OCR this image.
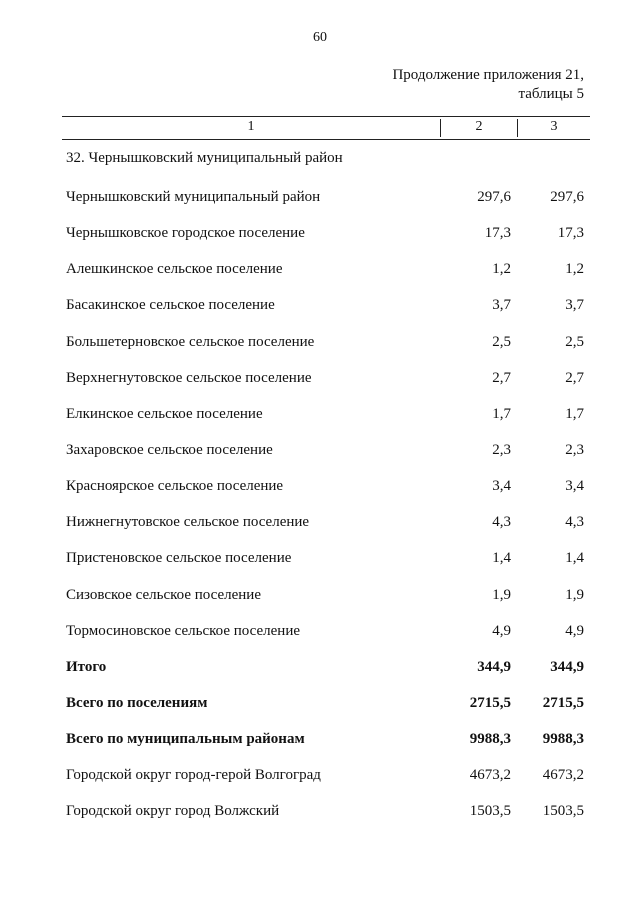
60
Продолжение приложения 21,
таблицы 5
1	2	3
32. Чернышковский муниципальный район
Чернышковский муниципальный район	297,6	297,6
Чернышковское городское поселение	17,3	17,3
Алешкинское сельское поселение	1,2	1,2
Басакинское сельское поселение	3,7	3,7
Большетерновское сельское поселение	2,5	2,5
Верхнегнутовское сельское поселение	2,7	2,7
Елкинское сельское поселение	1,7	1,7
Захаровское сельское поселение	2,3	2,3
Красноярское сельское поселение	3,4	3,4
Нижнегнутовское сельское поселение	4,3	4,3
Пристеновское сельское поселение	1,4	1,4
Сизовское сельское поселение	1,9	1,9
Тормосиновское сельское поселение	4,9	4,9
Итого	344,9	344,9
Всего по поселениям	2715,5 2715,5
Всего по муниципальным районам	9988,3 9988,3
Городской округ город-герой Волгоград	4673,2 4673,2
Городской округ город Волжский	1503,5 1503,5
